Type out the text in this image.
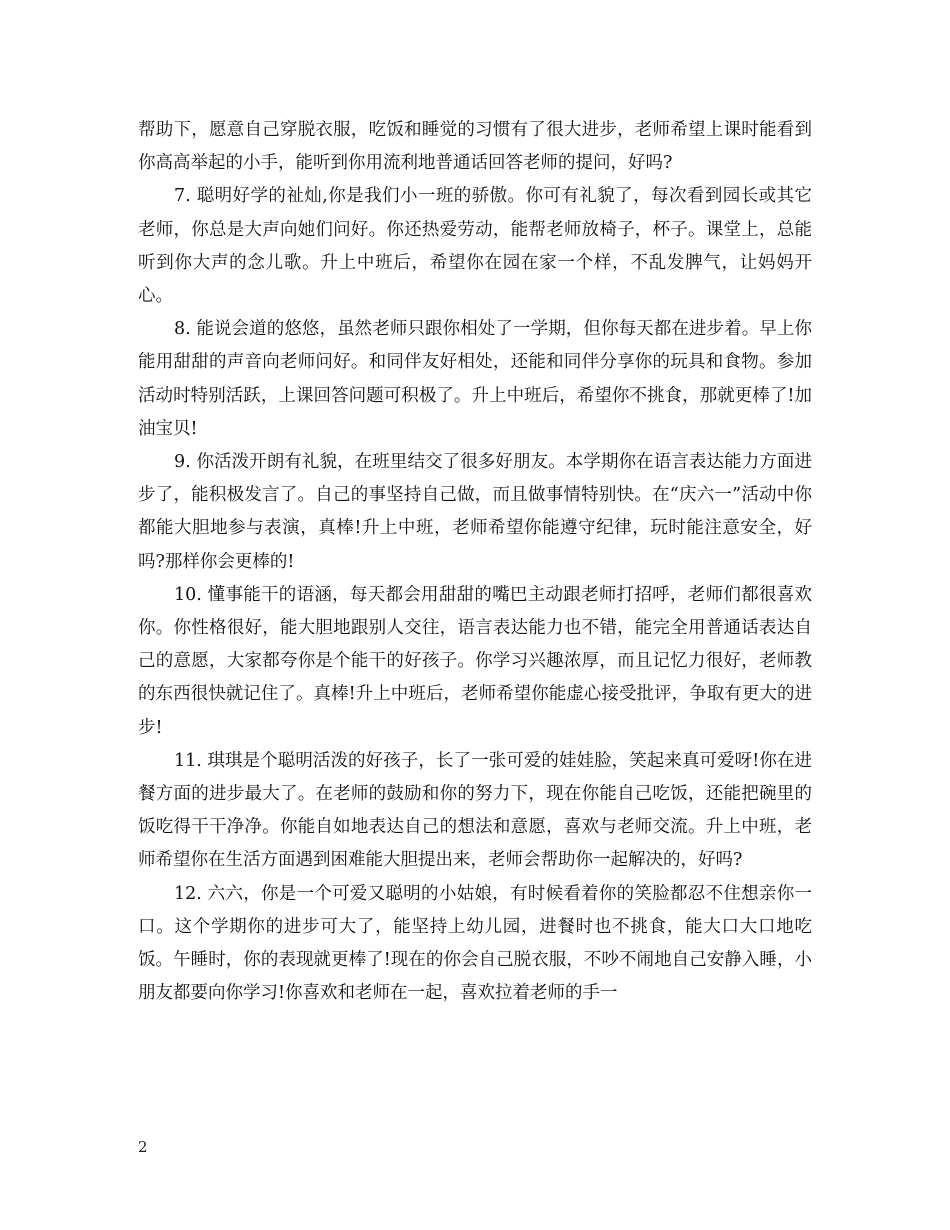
帮助下，愿意自己穿脱衣服，吃饭和睡觉的习惯有了很大进步，老师希望上课时能看到你高高举起的小手，能听到你用流利地普通话回答老师的提问，好吗?

7. 聪明好学的祉灿,你是我们小一班的骄傲。你可有礼貌了，每次看到园长或其它老师，你总是大声向她们问好。你还热爱劳动，能帮老师放椅子，杯子。课堂上，总能听到你大声的念儿歌。升上中班后，希望你在园在家一个样，不乱发脾气，让妈妈开心。

8. 能说会道的悠悠，虽然老师只跟你相处了一学期，但你每天都在进步着。早上你能用甜甜的声音向老师问好。和同伴友好相处，还能和同伴分享你的玩具和食物。参加活动时特别活跃，上课回答问题可积极了。升上中班后，希望你不挑食，那就更棒了!加油宝贝!

9. 你活泼开朗有礼貌，在班里结交了很多好朋友。本学期你在语言表达能力方面进步了，能积极发言了。自己的事坚持自己做，而且做事情特别快。在“庆六一”活动中你都能大胆地参与表演，真棒!升上中班，老师希望你能遵守纪律，玩时能注意安全，好吗?那样你会更棒的!

10. 懂事能干的语涵，每天都会用甜甜的嘴巴主动跟老师打招呼，老师们都很喜欢你。你性格很好，能大胆地跟别人交往，语言表达能力也不错，能完全用普通话表达自己的意愿，大家都夸你是个能干的好孩子。你学习兴趣浓厚，而且记忆力很好，老师教的东西很快就记住了。真棒!升上中班后，老师希望你能虚心接受批评，争取有更大的进步!

11. 琪琪是个聪明活泼的好孩子，长了一张可爱的娃娃脸，笑起来真可爱呀!你在进餐方面的进步最大了。在老师的鼓励和你的努力下，现在你能自己吃饭，还能把碗里的饭吃得干干净净。你能自如地表达自己的想法和意愿，喜欢与老师交流。升上中班，老师希望你在生活方面遇到困难能大胆提出来，老师会帮助你一起解决的，好吗?

12. 六六，你是一个可爱又聪明的小姑娘，有时候看着你的笑脸都忍不住想亲你一口。这个学期你的进步可大了，能坚持上幼儿园，进餐时也不挑食，能大口大口地吃饭。午睡时，你的表现就更棒了!现在的你会自己脱衣服，不吵不闹地自己安静入睡，小朋友都要向你学习!你喜欢和老师在一起，喜欢拉着老师的手一

2
